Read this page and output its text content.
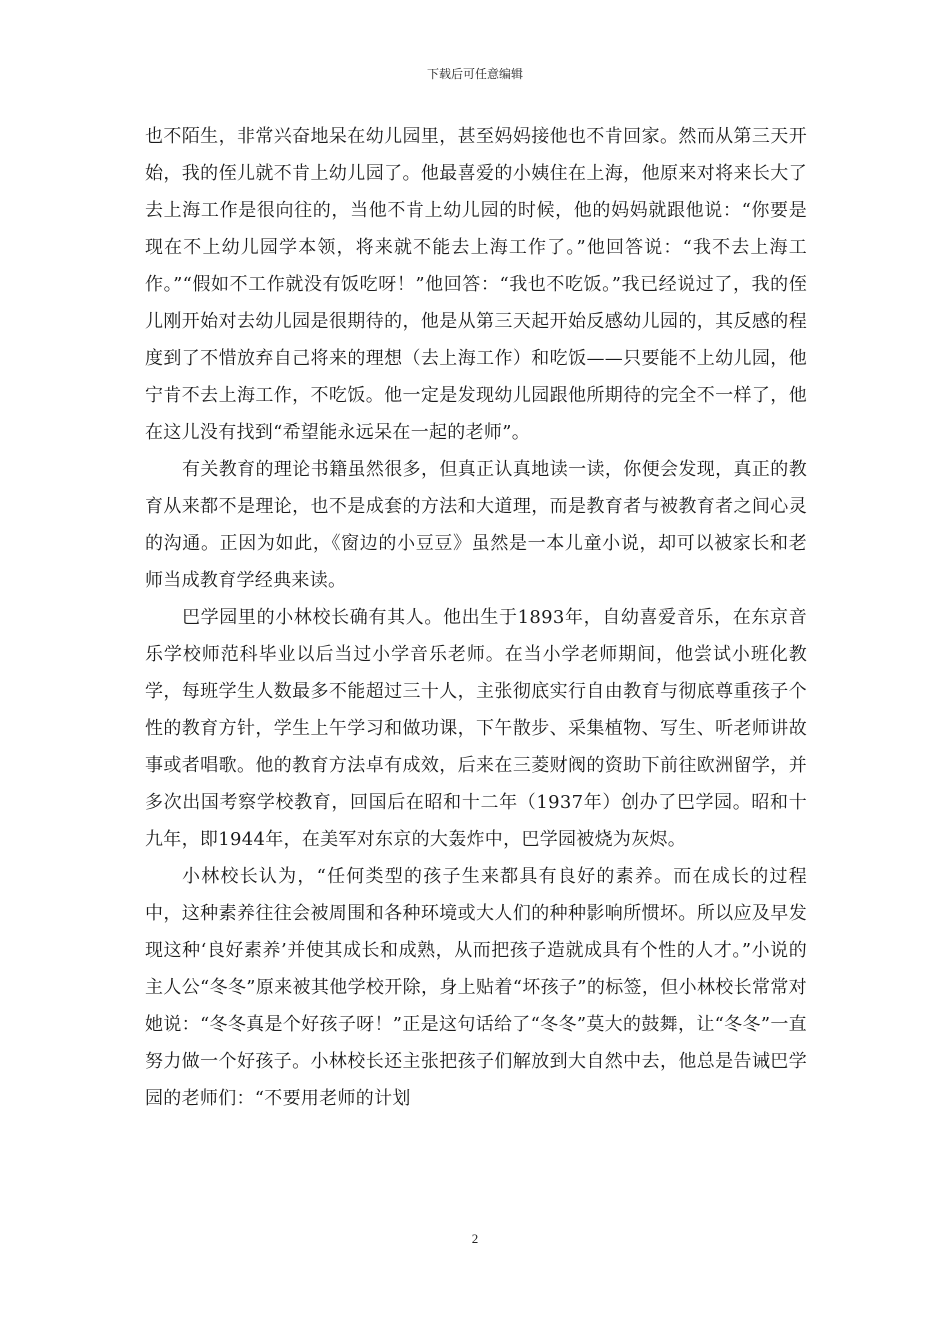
下载后可任意编辑

也不陌生，非常兴奋地呆在幼儿园里，甚至妈妈接他也不肯回家。然而从第三天开始，我的侄儿就不肯上幼儿园了。他最喜爱的小姨住在上海，他原来对将来长大了去上海工作是很向往的，当他不肯上幼儿园的时候，他的妈妈就跟他说：“你要是现在不上幼儿园学本领，将来就不能去上海工作了。”他回答说：“我不去上海工作。”“假如不工作就没有饭吃呀！”他回答：“我也不吃饭。”我已经说过了，我的侄儿刚开始对去幼儿园是很期待的，他是从第三天起开始反感幼儿园的，其反感的程度到了不惜放弃自己将来的理想（去上海工作）和吃饭——只要能不上幼儿园，他宁肯不去上海工作，不吃饭。他一定是发现幼儿园跟他所期待的完全不一样了，他在这儿没有找到“希望能永远呆在一起的老师”。

有关教育的理论书籍虽然很多，但真正认真地读一读，你便会发现，真正的教育从来都不是理论，也不是成套的方法和大道理，而是教育者与被教育者之间心灵的沟通。正因为如此，《窗边的小豆豆》虽然是一本儿童小说，却可以被家长和老师当成教育学经典来读。

巴学园里的小林校长确有其人。他出生于1893年，自幼喜爱音乐，在东京音乐学校师范科毕业以后当过小学音乐老师。在当小学老师期间，他尝试小班化教学，每班学生人数最多不能超过三十人，主张彻底实行自由教育与彻底尊重孩子个性的教育方针，学生上午学习和做功课，下午散步、采集植物、写生、听老师讲故事或者唱歌。他的教育方法卓有成效，后来在三菱财阀的资助下前往欧洲留学，并多次出国考察学校教育，回国后在昭和十二年（1937年）创办了巴学园。昭和十九年，即1944年，在美军对东京的大轰炸中，巴学园被烧为灰烬。

小林校长认为，“任何类型的孩子生来都具有良好的素养。而在成长的过程中，这种素养往往会被周围和各种环境或大人们的种种影响所惯坏。所以应及早发现这种‘良好素养’并使其成长和成熟，从而把孩子造就成具有个性的人才。”小说的主人公“冬冬”原来被其他学校开除，身上贴着“坏孩子”的标签，但小林校长常常对她说：“冬冬真是个好孩子呀！”正是这句话给了“冬冬”莫大的鼓舞，让“冬冬”一直努力做一个好孩子。小林校长还主张把孩子们解放到大自然中去，他总是告诫巴学园的老师们：“不要用老师的计划

2
